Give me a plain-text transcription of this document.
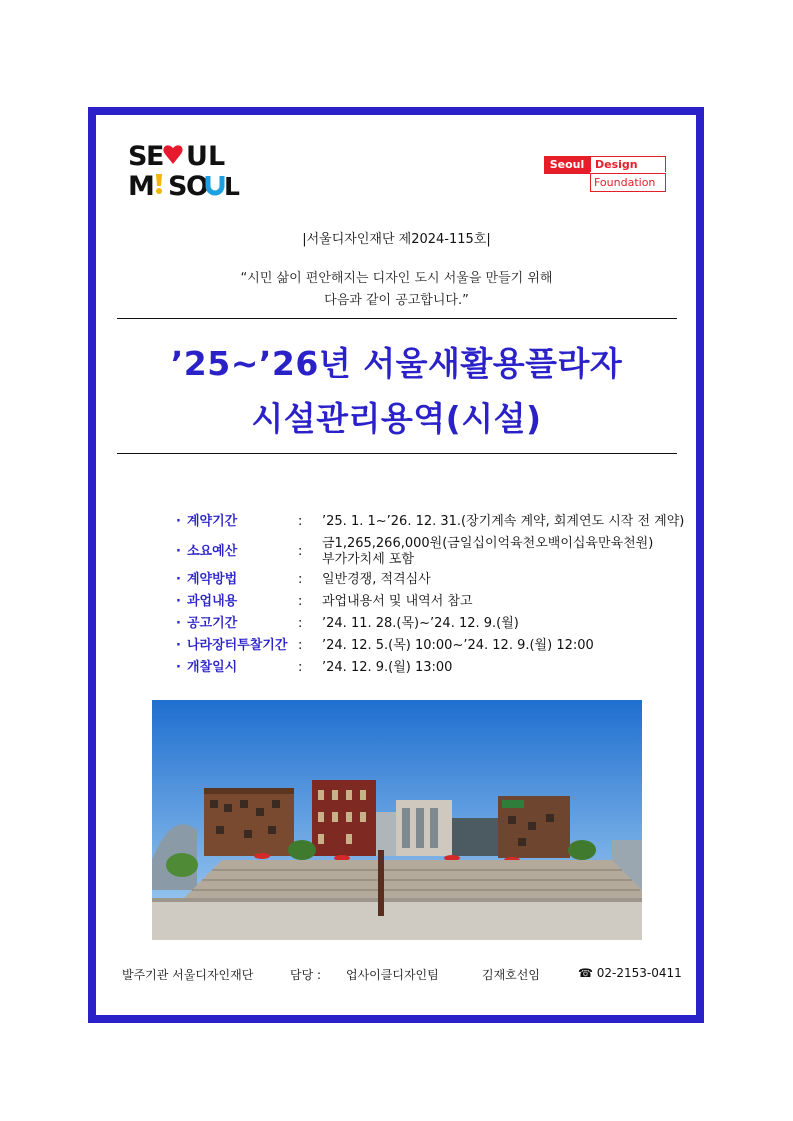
S
E U L
M S
O L
Seoul Design
Foundation
|서울디자인재단 제2024-115호|
“시민 삶이 편안해지는 디자인 도시 서울을 만들기 위해
다음과 같이 공고합니다.”
’25~’26년 서울새활용플라자
시설관리용역(시설)
· 계약기간	:	’25. 1. 1~’26. 12. 31.(장기계속 계약, 회계연도 시작 전 계약)
· 소요예산	:
금1,265,266,000원(금일십이억육천오백이십육만육천원)
부가가치세 포함
· 계약방법	:	일반경쟁, 적격심사
· 과업내용	:	과업내용서 및 내역서 참고
· 공고기간	:	’24. 11. 28.(목)~’24. 12. 9.(월)
· 나라장터투찰기간 :	’24. 12. 5.(목) 10:00~’24. 12. 9.(월) 12:00
· 개찰일시	:	’24. 12. 9.(월) 13:00
발주기관 서울디자인재단	담당 : 업사이클디자인팀	김재호선임	☎ 02-2153-0411
